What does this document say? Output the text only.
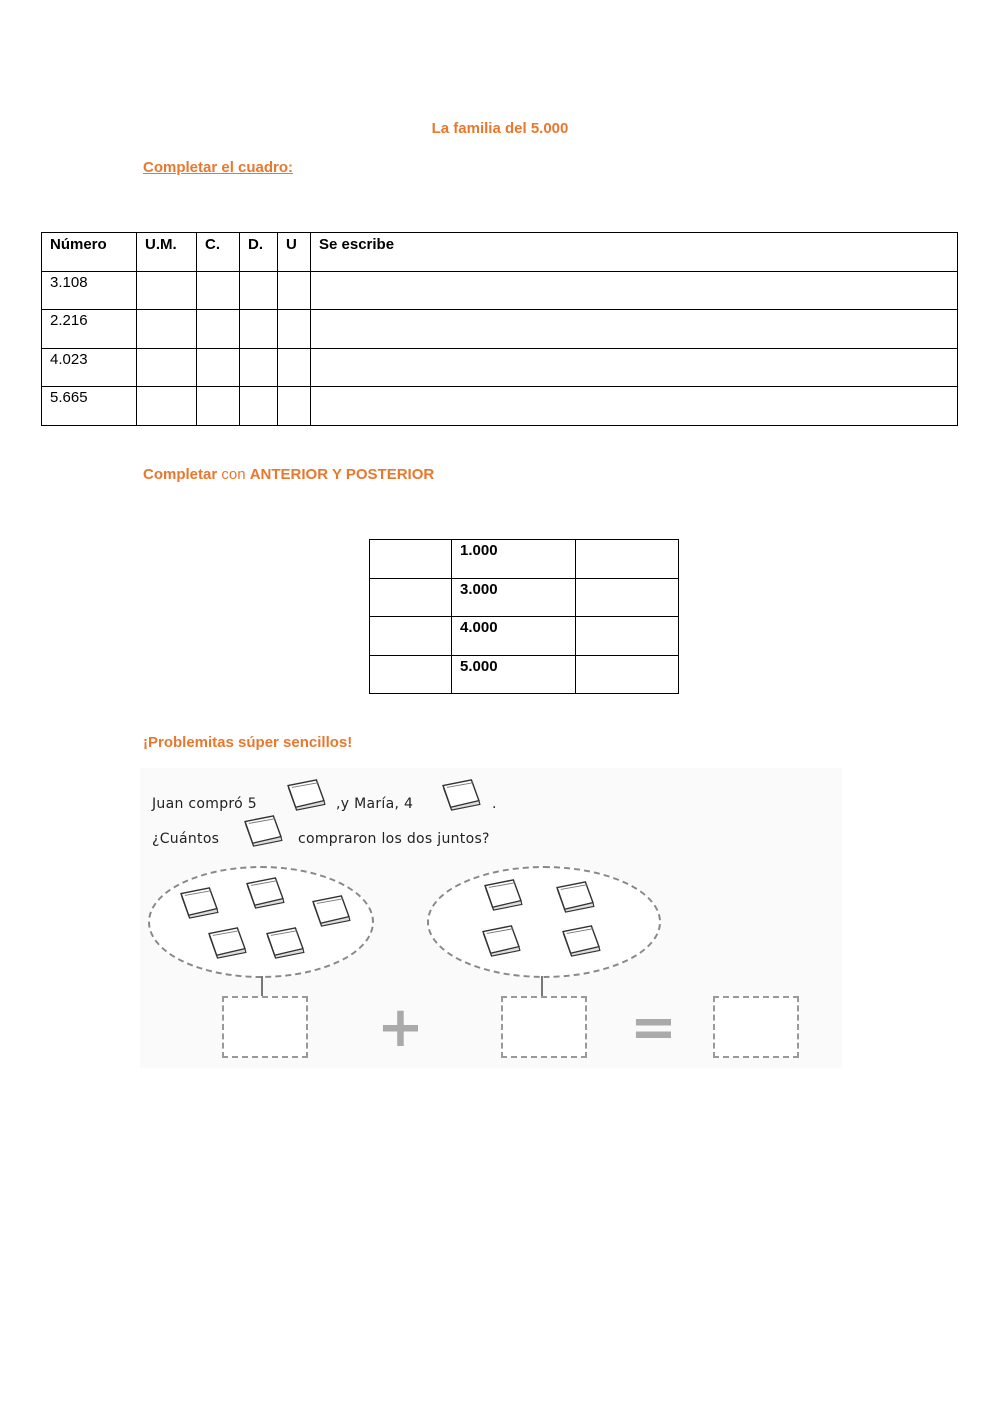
La familia del 5.000
Completar el cuadro:
Número	U.M.	C.	D.	U	Se escribe
3.108					
2.216					
4.023					
5.665					
Completar con ANTERIOR Y POSTERIOR
	1.000	
	3.000	
	4.000	
	5.000	
¡Problemitas súper sencillos!
Juan compró 5	,y María, 4	.
¿Cuántos	compraron los dos juntos?
+	=
